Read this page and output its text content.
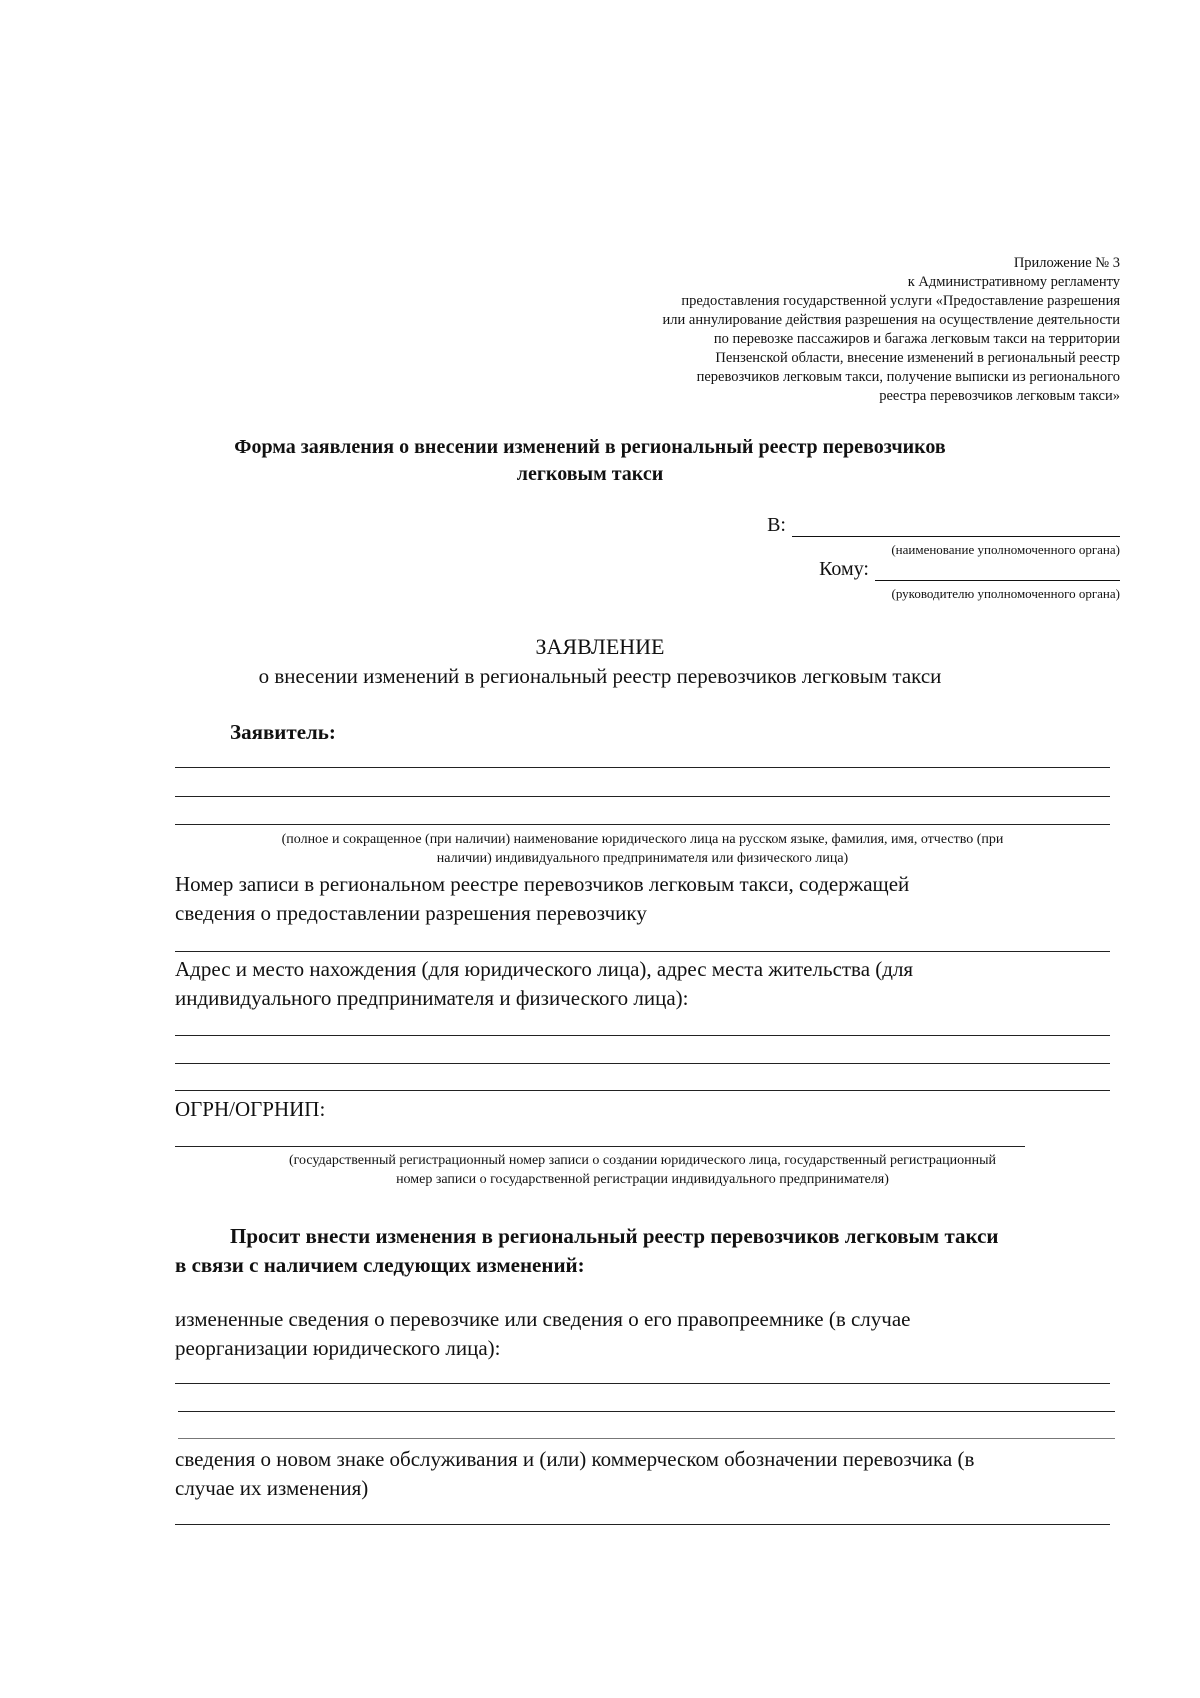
Приложение № 3
к Административному регламенту
предоставления государственной услуги «Предоставление разрешения
или аннулирование действия разрешения на осуществление деятельности
по перевозке пассажиров и багажа легковым такси на территории
Пензенской области, внесение изменений в региональный реестр
перевозчиков легковым такси, получение выписки из регионального
реестра перевозчиков легковым такси»
Форма заявления о внесении изменений в региональный реестр перевозчиков
легковым такси
В:
(наименование уполномоченного органа)
Кому:
(руководителю уполномоченного органа)
ЗАЯВЛЕНИЕ
о внесении изменений в региональный реестр перевозчиков легковым такси
Заявитель:
(полное и сокращенное (при наличии) наименование юридического лица на русском языке, фамилия, имя, отчество (при
наличии) индивидуального предпринимателя или физического лица)
Номер записи в региональном реестре перевозчиков легковым такси, содержащей
сведения о предоставлении разрешения перевозчику
Адрес и место нахождения (для юридического лица), адрес места жительства (для
индивидуального предпринимателя и физического лица):
ОГРН/ОГРНИП:
(государственный регистрационный номер записи о создании юридического лица, государственный регистрационный
номер записи о государственной регистрации индивидуального предпринимателя)
Просит внести изменения в региональный реестр перевозчиков легковым такси
в связи с наличием следующих изменений:
измененные сведения о перевозчике или сведения о его правопреемнике (в случае
реорганизации юридического лица):
сведения о новом знаке обслуживания и (или) коммерческом обозначении перевозчика (в
случае их изменения)
